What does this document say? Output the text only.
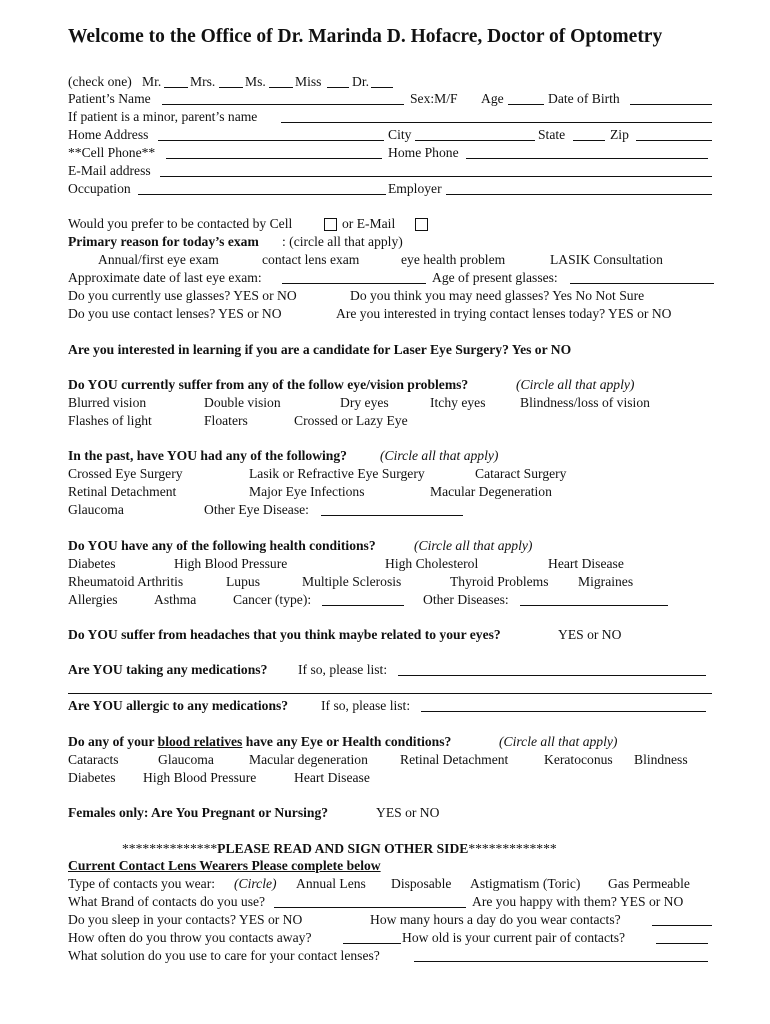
Welcome to the Office of Dr. Marinda D. Hofacre, Doctor of Optometry
(check one) Mr. Mrs. Ms. Miss Dr.
Patient’s Name	Sex:M/F Age	Date of Birth
If patient is a minor, parent’s name
Home Address	City	State	Zip
**Cell Phone**	Home Phone
E-Mail address
Occupation	Employer
Would you prefer to be contacted by Cell	or E-Mail
Primary reason for today’s exam : (circle all that apply)
Annual/first eye exam	contact lens exam	eye health problem	LASIK Consultation
Approximate date of last eye exam:	Age of present glasses:
Do you currently use glasses? YES or NO	Do you think you may need glasses? Yes No Not Sure
Do you use contact lenses? YES or NO	Are you interested in trying contact lenses today? YES or NO
Are you interested in learning if you are a candidate for Laser Eye Surgery? Yes or NO
Do YOU currently suffer from any of the follow eye/vision problems?	(Circle all that apply)
Blurred vision	Double vision	Dry eyes	Itchy eyes	Blindness/loss of vision
Flashes of light	Floaters	Crossed or Lazy Eye
In the past, have YOU had any of the following? (Circle all that apply)
Crossed Eye Surgery	Lasik or Refractive Eye Surgery	Cataract Surgery
Retinal Detachment	Major Eye Infections	Macular Degeneration
Glaucoma	Other Eye Disease:
Do YOU have any of the following health conditions?	(Circle all that apply)
Diabetes	High Blood Pressure	High Cholesterol	Heart Disease
Rheumatoid Arthritis	Lupus	Multiple Sclerosis	Thyroid Problems Migraines
Allergies	Asthma	Cancer (type):	Other Diseases:
Do YOU suffer from headaches that you think maybe related to your eyes?	YES or NO
Are YOU taking any medications? If so, please list:
Are YOU allergic to any medications? If so, please list:
Do any of your blood relatives have any Eye or Health conditions?	(Circle all that apply)
Cataracts	Glaucoma	Macular degeneration Retinal Detachment	Keratoconus Blindness
Diabetes High Blood Pressure	Heart Disease
Females only: Are You Pregnant or Nursing?	YES or NO
**************PLEASE READ AND SIGN OTHER SIDE*************
Current Contact Lens Wearers Please complete below
Type of contacts you wear: (Circle) Annual Lens Disposable Astigmatism (Toric) Gas Permeable
What Brand of contacts do you use?	Are you happy with them? YES or NO
Do you sleep in your contacts? YES or NO	How many hours a day do you wear contacts?
How often do you throw you contacts away?	How old is your current pair of contacts?
What solution do you use to care for your contact lenses?
